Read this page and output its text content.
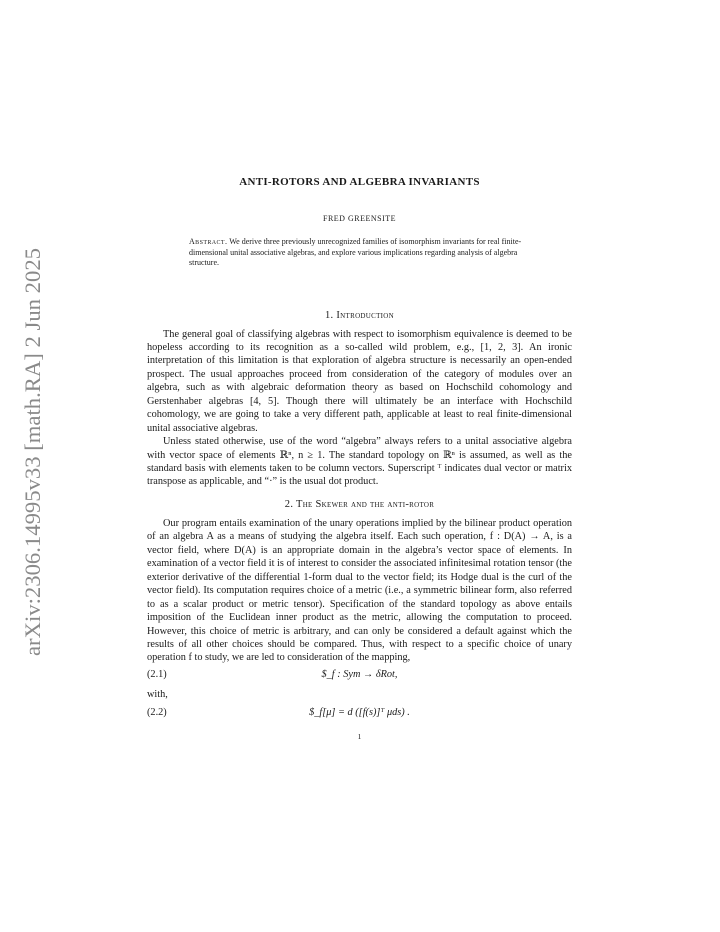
arXiv:2306.14995v33 [math.RA] 2 Jun 2025
ANTI-ROTORS AND ALGEBRA INVARIANTS
FRED GREENSITE
Abstract. We derive three previously unrecognized families of isomorphism invariants for real finite-dimensional unital associative algebras, and explore various implications regarding analysis of algebra structure.
1. Introduction

The general goal of classifying algebras with respect to isomorphism equivalence is deemed to be hopeless according to its recognition as a so-called wild problem, e.g., [1, 2, 3]. An ironic interpretation of this limitation is that exploration of algebra structure is necessarily an open-ended prospect. The usual approaches proceed from consideration of the category of modules over an algebra, such as with algebraic deformation theory as based on Hochschild cohomology and Gerstenhaber algebras [4, 5]. Though there will ultimately be an interface with Hochschild cohomology, we are going to take a very different path, applicable at least to real finite-dimensional unital associative algebras.

Unless stated otherwise, use of the word “algebra” always refers to a unital associative algebra with vector space of elements ℝⁿ, n ≥ 1. The standard topology on ℝⁿ is assumed, as well as the standard basis with elements taken to be column vectors. Superscript ᵀ indicates dual vector or matrix transpose as applicable, and “·” is the usual dot product.

2. The Skewer and the anti-rotor

Our program entails examination of the unary operations implied by the bilinear product operation of an algebra A as a means of studying the algebra itself. Each such operation, f : D(A) → A, is a vector field, where D(A) is an appropriate domain in the algebra’s vector space of elements. In examination of a vector field it is of interest to consider the associated infinitesimal rotation tensor (the exterior derivative of the differential 1-form dual to the vector field; its Hodge dual is the curl of the vector field). Its computation requires choice of a metric (i.e., a symmetric bilinear form, also referred to as a scalar product or metric tensor). Specification of the standard topology as above entails imposition of the Euclidean inner product as the metric, allowing the computation to proceed. However, this choice of metric is arbitrary, and can only be considered a default against which the results of all other choices should be compared. Thus, with respect to a specific choice of unary operation f to study, we are led to consideration of the mapping,

(2.1)	$_f : Sym → δRot,
with,
(2.2)	$_f[μ] = d ([f(s)]ᵀ μds) .
1
